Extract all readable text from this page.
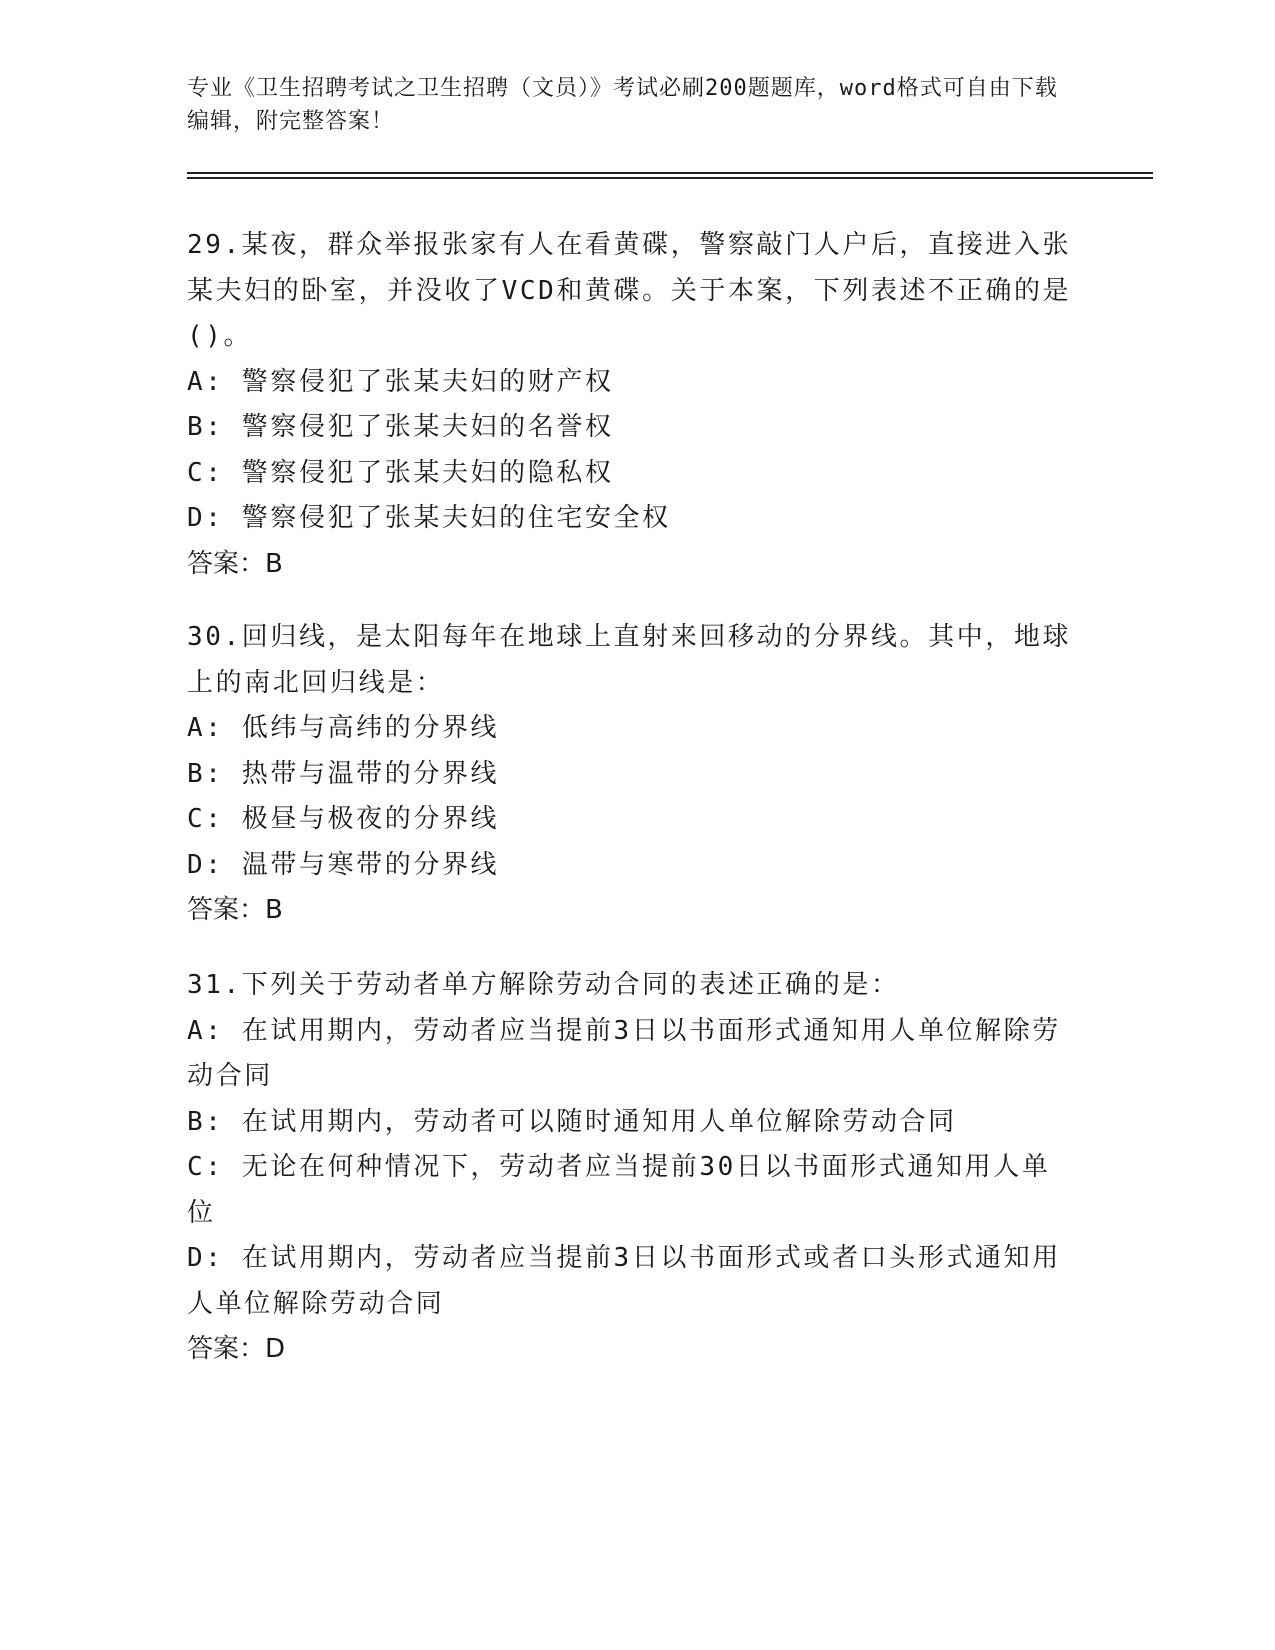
专业《卫生招聘考试之卫生招聘（文员）》考试必刷200题题库，word格式可自由下载编辑，附完整答案！

29.某夜，群众举报张家有人在看黄碟，警察敲门人户后，直接进入张某夫妇的卧室，并没收了VCD和黄碟。关于本案，下列表述不正确的是()。

A: 警察侵犯了张某夫妇的财产权

B: 警察侵犯了张某夫妇的名誉权

C: 警察侵犯了张某夫妇的隐私权

D: 警察侵犯了张某夫妇的住宅安全权

答案：B

30.回归线，是太阳每年在地球上直射来回移动的分界线。其中，地球上的南北回归线是：

A: 低纬与高纬的分界线

B: 热带与温带的分界线

C: 极昼与极夜的分界线

D: 温带与寒带的分界线

答案：B

31.下列关于劳动者单方解除劳动合同的表述正确的是：

A: 在试用期内，劳动者应当提前3日以书面形式通知用人单位解除劳动合同

B: 在试用期内，劳动者可以随时通知用人单位解除劳动合同

C: 无论在何种情况下，劳动者应当提前30日以书面形式通知用人单位

D: 在试用期内，劳动者应当提前3日以书面形式或者口头形式通知用人单位解除劳动合同

答案：D
